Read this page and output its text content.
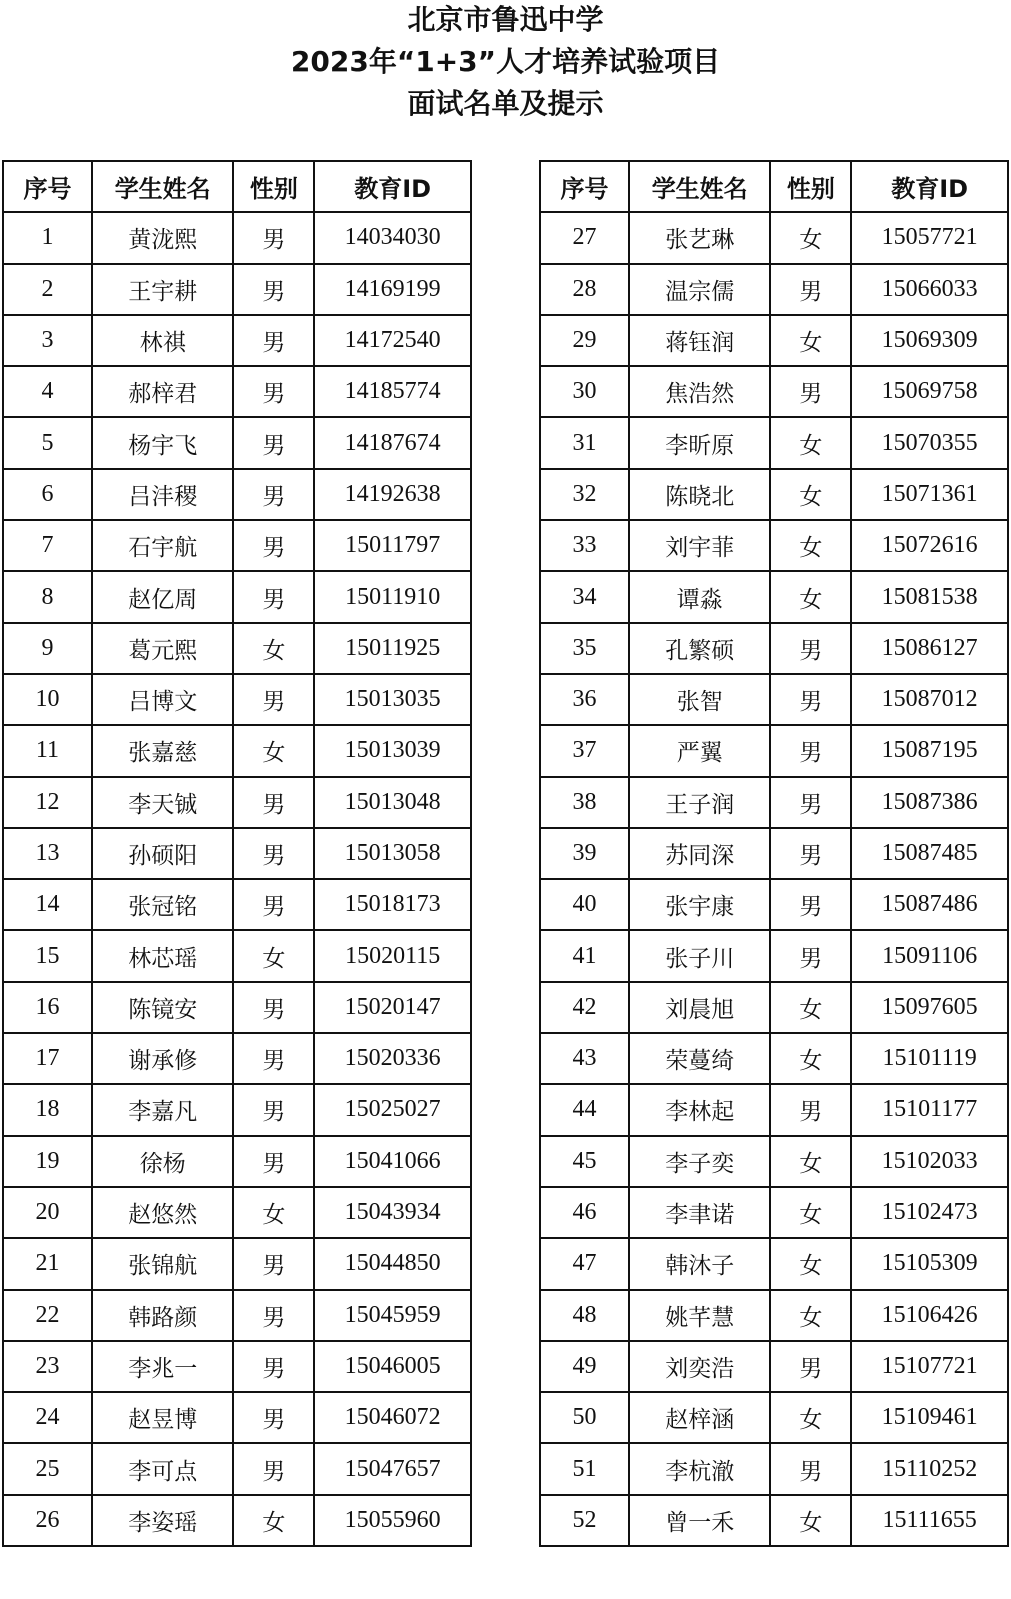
北京市鲁迅中学
2023年“1+3”人才培养试验项目
面试名单及提示
序号	学生姓名	性别	教育ID
1	黄泷熙	男	14034030
2	王宇耕	男	14169199
3	林祺	男	14172540
4	郝梓君	男	14185774
5	杨宇飞	男	14187674
6	吕沣稷	男	14192638
7	石宇航	男	15011797
8	赵亿周	男	15011910
9	葛元熙	女	15011925
10	吕博文	男	15013035
11	张嘉慈	女	15013039
12	李天铖	男	15013048
13	孙硕阳	男	15013058
14	张冠铭	男	15018173
15	林芯瑶	女	15020115
16	陈镜安	男	15020147
17	谢承修	男	15020336
18	李嘉凡	男	15025027
19	徐杨	男	15041066
20	赵悠然	女	15043934
21	张锦航	男	15044850
22	韩路颜	男	15045959
23	李兆一	男	15046005
24	赵昱博	男	15046072
25	李可点	男	15047657
26	李姿瑶	女	15055960
序号	学生姓名	性别	教育ID
27	张艺琳	女	15057721
28	温宗儒	男	15066033
29	蒋钰润	女	15069309
30	焦浩然	男	15069758
31	李昕原	女	15070355
32	陈晓北	女	15071361
33	刘宇菲	女	15072616
34	谭淼	女	15081538
35	孔繁硕	男	15086127
36	张智	男	15087012
37	严翼	男	15087195
38	王子润	男	15087386
39	苏同深	男	15087485
40	张宇康	男	15087486
41	张子川	男	15091106
42	刘晨旭	女	15097605
43	荣蔓绮	女	15101119
44	李林起	男	15101177
45	李子奕	女	15102033
46	李聿诺	女	15102473
47	韩沐子	女	15105309
48	姚芊慧	女	15106426
49	刘奕浩	男	15107721
50	赵梓涵	女	15109461
51	李杭澈	男	15110252
52	曾一禾	女	15111655
